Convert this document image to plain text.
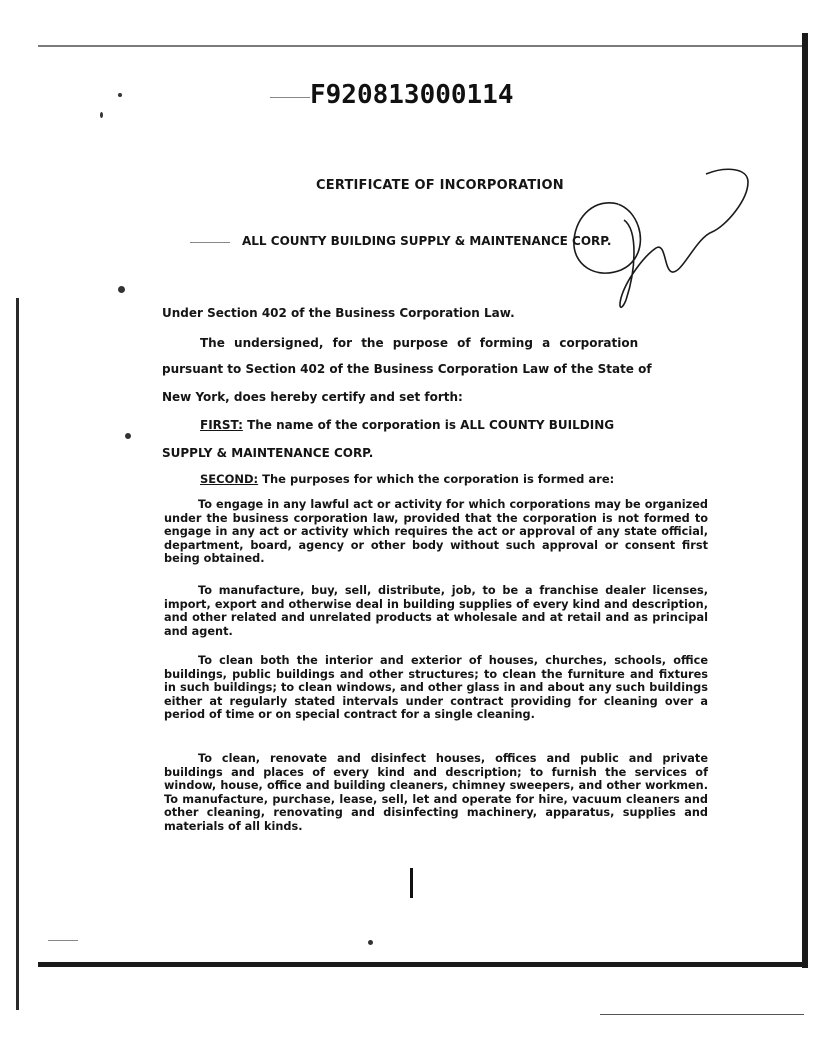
F920813000114
CERTIFICATE OF INCORPORATION
ALL COUNTY BUILDING SUPPLY & MAINTENANCE CORP.
Under Section 402 of the Business Corporation Law.
The undersigned, for the purpose of forming a corporation
pursuant to Section 402 of the Business Corporation Law of the State of
New York, does hereby certify and set forth:
FIRST: The name of the corporation is ALL COUNTY BUILDING
SUPPLY & MAINTENANCE CORP.
SECOND: The purposes for which the corporation is formed are:
To engage in any lawful act or activity for which corporations may be organized under the business corporation law, provided that the corporation is not formed to engage in any act or activity which requires the act or approval of any state official, department, board, agency or other body without such approval or consent first being obtained.
To manufacture, buy, sell, distribute, job, to be a franchise dealer licenses, import, export and otherwise deal in building supplies of every kind and description, and other related and unrelated products at wholesale and at retail and as principal and agent.
To clean both the interior and exterior of houses, churches, schools, office buildings, public buildings and other structures; to clean the furniture and fixtures in such buildings; to clean windows, and other glass in and about any such buildings either at regularly stated intervals under contract providing for cleaning over a period of time or on special contract for a single cleaning.
To clean, renovate and disinfect houses, offices and public and private buildings and places of every kind and description; to furnish the services of window, house, office and building cleaners, chimney sweepers, and other workmen. To manufacture, purchase, lease, sell, let and operate for hire, vacuum cleaners and other cleaning, renovating and disinfecting machinery, apparatus, supplies and materials of all kinds.
